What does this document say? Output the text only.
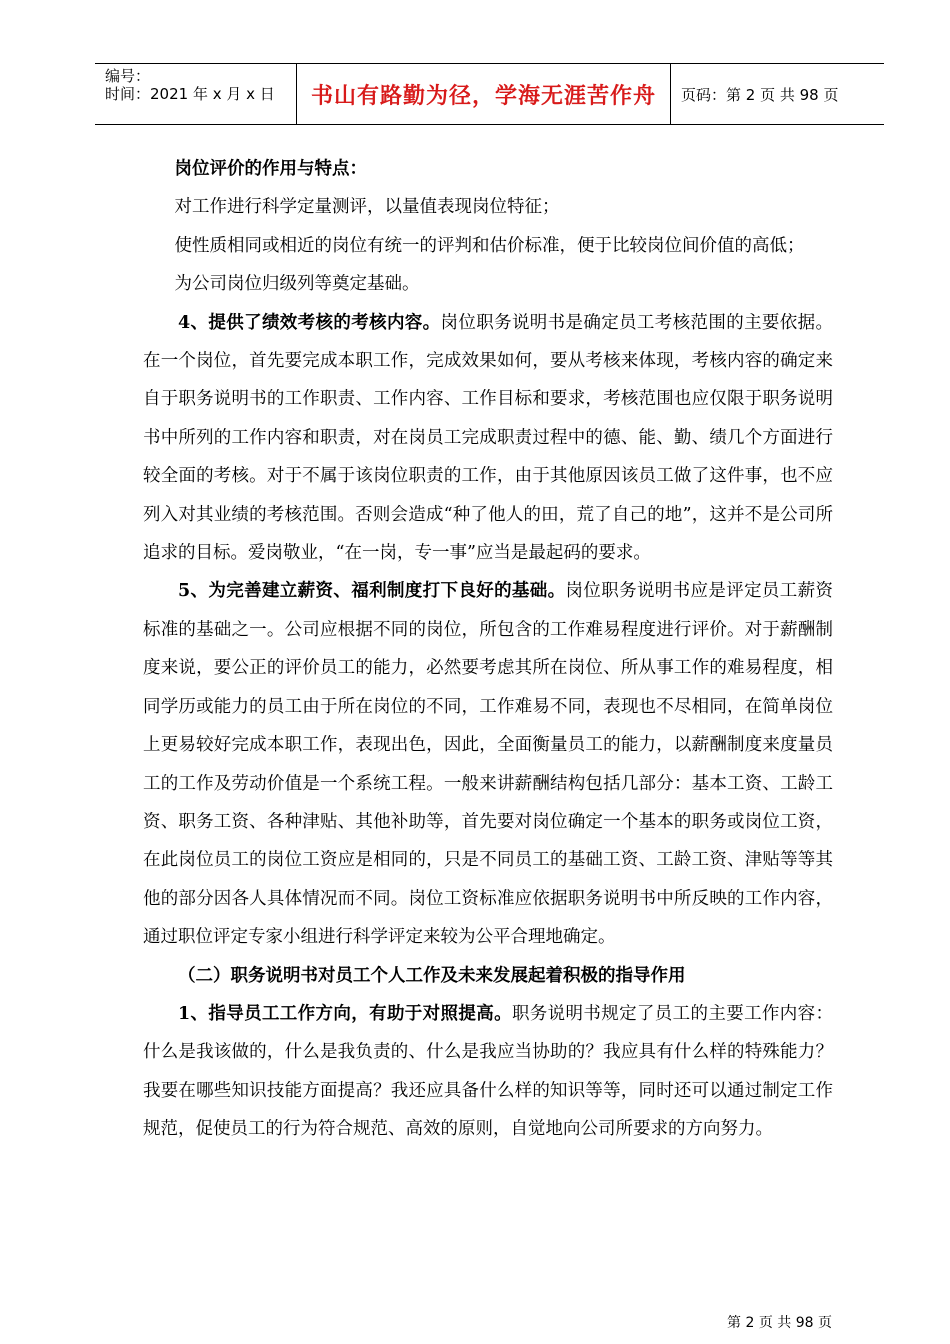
编号：
时间：2021 年 x 月 x 日	书山有路勤为径，学海无涯苦作舟	页码：第 2 页 共 98 页

岗位评价的作用与特点：

对工作进行科学定量测评，以量值表现岗位特征；

使性质相同或相近的岗位有统一的评判和估价标准，便于比较岗位间价值的高低；

为公司岗位归级列等奠定基础。

4、提供了绩效考核的考核内容。岗位职务说明书是确定员工考核范围的主要依据。在一个岗位，首先要完成本职工作，完成效果如何，要从考核来体现，考核内容的确定来自于职务说明书的工作职责、工作内容、工作目标和要求，考核范围也应仅限于职务说明书中所列的工作内容和职责，对在岗员工完成职责过程中的德、能、勤、绩几个方面进行较全面的考核。对于不属于该岗位职责的工作，由于其他原因该员工做了这件事，也不应列入对其业绩的考核范围。否则会造成“种了他人的田，荒了自己的地”，这并不是公司所追求的目标。爱岗敬业，“在一岗，专一事”应当是最起码的要求。

5、为完善建立薪资、福利制度打下良好的基础。岗位职务说明书应是评定员工薪资标准的基础之一。公司应根据不同的岗位，所包含的工作难易程度进行评价。对于薪酬制度来说，要公正的评价员工的能力，必然要考虑其所在岗位、所从事工作的难易程度，相同学历或能力的员工由于所在岗位的不同，工作难易不同，表现也不尽相同，在简单岗位上更易较好完成本职工作，表现出色，因此，全面衡量员工的能力，以薪酬制度来度量员工的工作及劳动价值是一个系统工程。一般来讲薪酬结构包括几部分：基本工资、工龄工资、职务工资、各种津贴、其他补助等，首先要对岗位确定一个基本的职务或岗位工资，在此岗位员工的岗位工资应是相同的，只是不同员工的基础工资、工龄工资、津贴等等其他的部分因各人具体情况而不同。岗位工资标准应依据职务说明书中所反映的工作内容，通过职位评定专家小组进行科学评定来较为公平合理地确定。

（二）职务说明书对员工个人工作及未来发展起着积极的指导作用

1、指导员工工作方向，有助于对照提高。职务说明书规定了员工的主要工作内容：什么是我该做的，什么是我负责的、什么是我应当协助的？我应具有什么样的特殊能力？我要在哪些知识技能方面提高？我还应具备什么样的知识等等，同时还可以通过制定工作规范，促使员工的行为符合规范、高效的原则，自觉地向公司所要求的方向努力。

第 2 页 共 98 页
